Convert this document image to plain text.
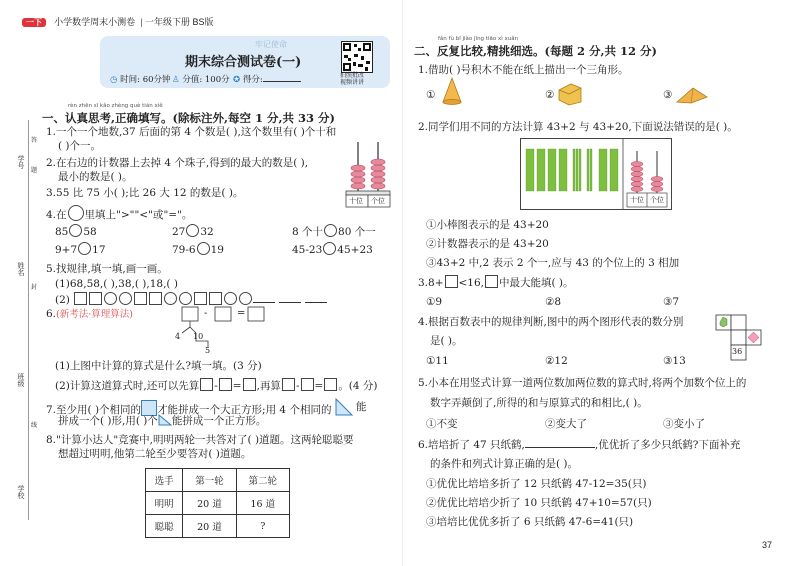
一下 小学数学周末小测卷 | 一年级下册 BS版
牢记使命
期末综合测试卷(一)
◷ 时间: 60分钟 ♙ 分值: 100分 ✪ 得分:	拍照批改
视频讲讲
学号
姓名
班级
学校
答
题
封
线
rèn zhēn sī kǎo zhèng què tián xiě
一、认真思考,正确填写。(除标注外,每空 1 分,共 33 分)
1.一个一个地数,37 后面的第 4 个数是( ),这个数里有( )个十和
( )个一。
2.在右边的计数器上去掉 4 个珠子,得到的最大的数是( ),
最小的数是( )。
十位 个位
3.55 比 75 小( );比 26 大 12 的数是( )。
4.在 里填上">""<"或"="。
85 58	27 32	8 个十 80 个一
9+7 17	79-6 19	45-23 45+23
5.找规律,填一填,画一画。
(1)68,58,( ),38,( ),18,( )
(2)
6.(新考法·算理算法)	-	=
4 10
5
(1)上图中计算的算式是什么?填一填。(3 分)
(2)计算这道算式时,还可以先算 - = ,再算 - = 。(4 分)
7.至少用( )个相同的 才能拼成一个大正方形;用 4 个相同的 能
拼成一个( )形,用( )个 能拼成一个正方形。
8."计算小达人"竞赛中,明明两轮一共答对了( )道题。这两轮聪聪要
想超过明明,他第二轮至少要答对( )道题。
选手	第一轮	第二轮
明明	20 道	16 道
聪聪	20 道	?
fǎn fù bǐ jiào jīng tiāo xì xuǎn
二、反复比较,精挑细选。(每题 2 分,共 12 分)
1.借助( )号积木不能在纸上描出一个三角形。
①	②	③
2.同学们用不同的方法计算 43+2 与 43+20,下面说法错误的是( )。
十位 个位
①小棒图表示的是 43+20
②计数器表示的是 43+20
③43+2 中,2 表示 2 个一,应与 43 的个位上的 3 相加
3.8+ <16, 中最大能填( )。
①9	②8	③7
4.根据百数表中的规律判断,图中的两个图形代表的数分别
是( )。
①11	②12	③13
36
5.小本在用竖式计算一道两位数加两位数的算式时,将两个加数个位上的
数字弄颠倒了,所得的和与原算式的和相比,( )。
①不变	②变大了	③变小了
6.培培折了 47 只纸鹤,	,优优折了多少只纸鹤?下面补充
的条件和列式计算正确的是( )。
①优优比培培多折了 12 只纸鹤 47-12=35(只)
②优优比培培少折了 10 只纸鹤 47+10=57(只)
③培培比优优多折了 6 只纸鹤 47-6=41(只)
37
